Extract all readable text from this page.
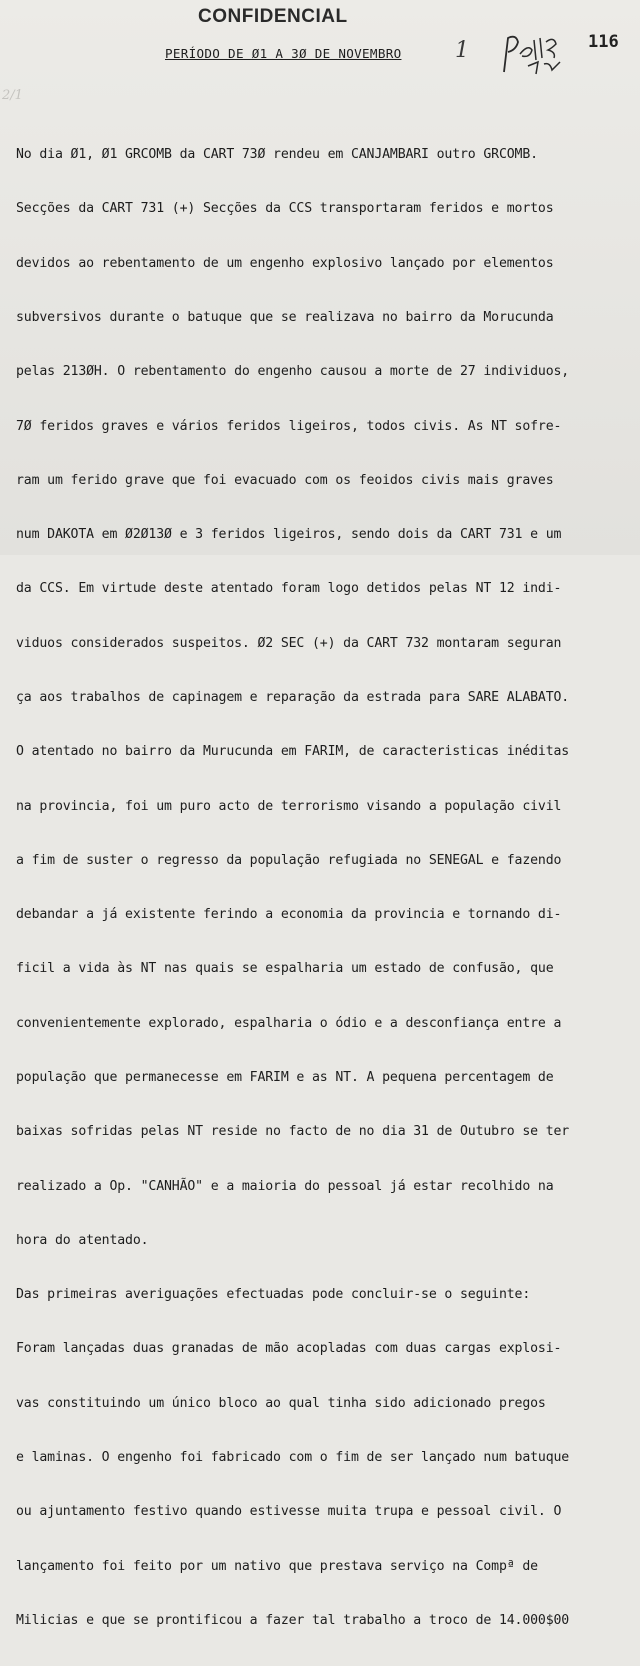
CONFIDENCIAL
PERÍODO DE Ø1 A 3Ø DE NOVEMBRO 1	116
2/1

No dia Ø1, Ø1 GRCOMB da CART 73Ø rendeu em CANJAMBARI outro GRCOMB.

Secções da CART 731 (+) Secções da CCS transportaram feridos e mortos

devidos ao rebentamento de um engenho explosivo lançado por elementos

subversivos durante o batuque que se realizava no bairro da Morucunda

pelas 213ØH. O rebentamento do engenho causou a morte de 27 individuos,

7Ø feridos graves e vários feridos ligeiros, todos civis. As NT sofre-

ram um ferido grave que foi evacuado com os feoidos civis mais graves

num DAKOTA em Ø2Ø13Ø e 3 feridos ligeiros, sendo dois da CART 731 e um

da CCS. Em virtude deste atentado foram logo detidos pelas NT 12 indi-

viduos considerados suspeitos. Ø2 SEC (+) da CART 732 montaram seguran

ça aos trabalhos de capinagem e reparação da estrada para SARE ALABATO.

O atentado no bairro da Murucunda em FARIM, de caracteristicas inéditas

na provincia, foi um puro acto de terrorismo visando a população civil

a fim de suster o regresso da população refugiada no SENEGAL e fazendo

debandar a já existente ferindo a economia da provincia e tornando di-

ficil a vida às NT nas quais se espalharia um estado de confusão, que

convenientemente explorado, espalharia o ódio e a desconfiança entre a

população que permanecesse em FARIM e as NT. A pequena percentagem de

baixas sofridas pelas NT reside no facto de no dia 31 de Outubro se ter

realizado a Op. "CANHÃO" e a maioria do pessoal já estar recolhido na

hora do atentado.

Das primeiras averiguações efectuadas pode concluir-se o seguinte:

Foram lançadas duas granadas de mão acopladas com duas cargas explosi-

vas constituindo um único bloco ao qual tinha sido adicionado pregos

e laminas. O engenho foi fabricado com o fim de ser lançado num batuque

ou ajuntamento festivo quando estivesse muita trupa e pessoal civil. O

lançamento foi feito por um nativo que prestava serviço na Compª de

Milicias e que se prontificou a fazer tal trabalho a troco de 14.000$00
